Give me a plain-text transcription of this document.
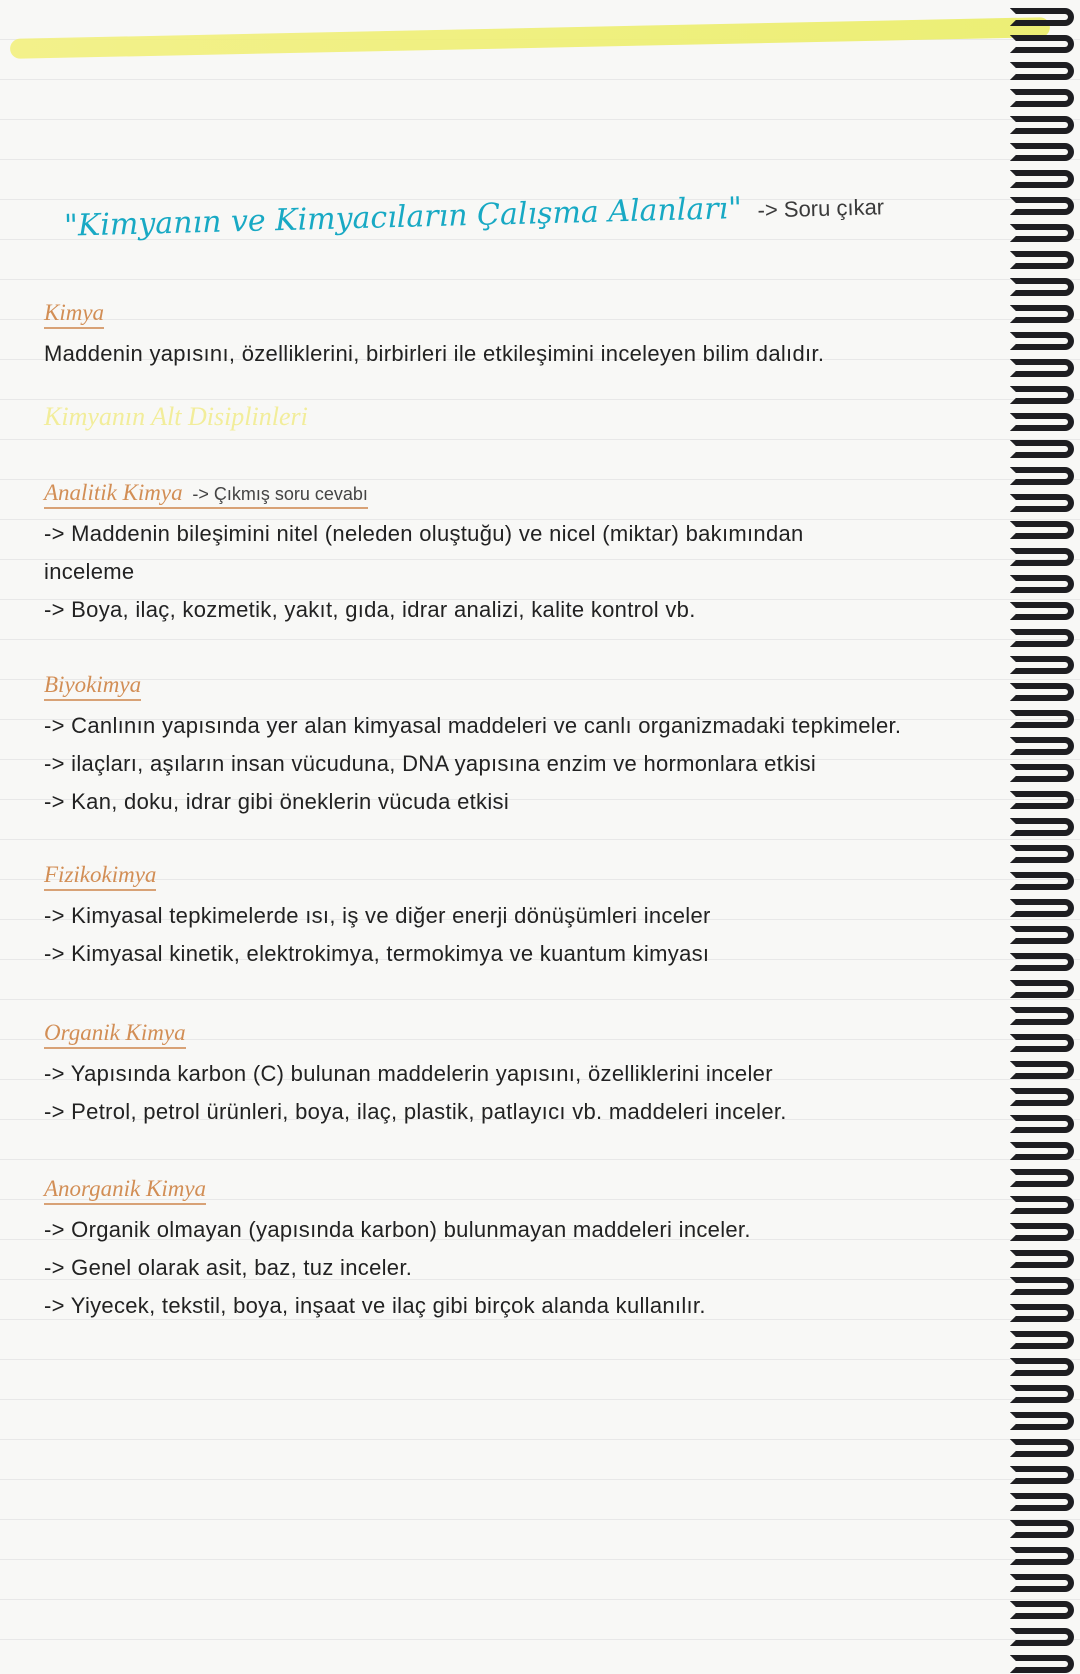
"Kimyanın ve Kimyacıların Çalışma Alanları" -> Soru çıkar
Kimya
Maddenin yapısını, özelliklerini, birbirleri ile etkileşimini inceleyen bilim dalıdır.
Kimyanın Alt Disiplinleri
Analitik Kimya -> Çıkmış soru cevabı
-> Maddenin bileşimini nitel (neleden oluştuğu) ve nicel (miktar) bakımından
inceleme
-> Boya, ilaç, kozmetik, yakıt, gıda, idrar analizi, kalite kontrol vb.
Biyokimya
-> Canlının yapısında yer alan kimyasal maddeleri ve canlı organizmadaki tepkimeler.
-> ilaçları, aşıların insan vücuduna, DNA yapısına enzim ve hormonlara etkisi
-> Kan, doku, idrar gibi öneklerin vücuda etkisi
Fizikokimya
-> Kimyasal tepkimelerde ısı, iş ve diğer enerji dönüşümleri inceler
-> Kimyasal kinetik, elektrokimya, termokimya ve kuantum kimyası
Organik Kimya
-> Yapısında karbon (C) bulunan maddelerin yapısını, özelliklerini inceler
-> Petrol, petrol ürünleri, boya, ilaç, plastik, patlayıcı vb. maddeleri inceler.
Anorganik Kimya
-> Organik olmayan (yapısında karbon) bulunmayan maddeleri inceler.
-> Genel olarak asit, baz, tuz inceler.
-> Yiyecek, tekstil, boya, inşaat ve ilaç gibi birçok alanda kullanılır.
